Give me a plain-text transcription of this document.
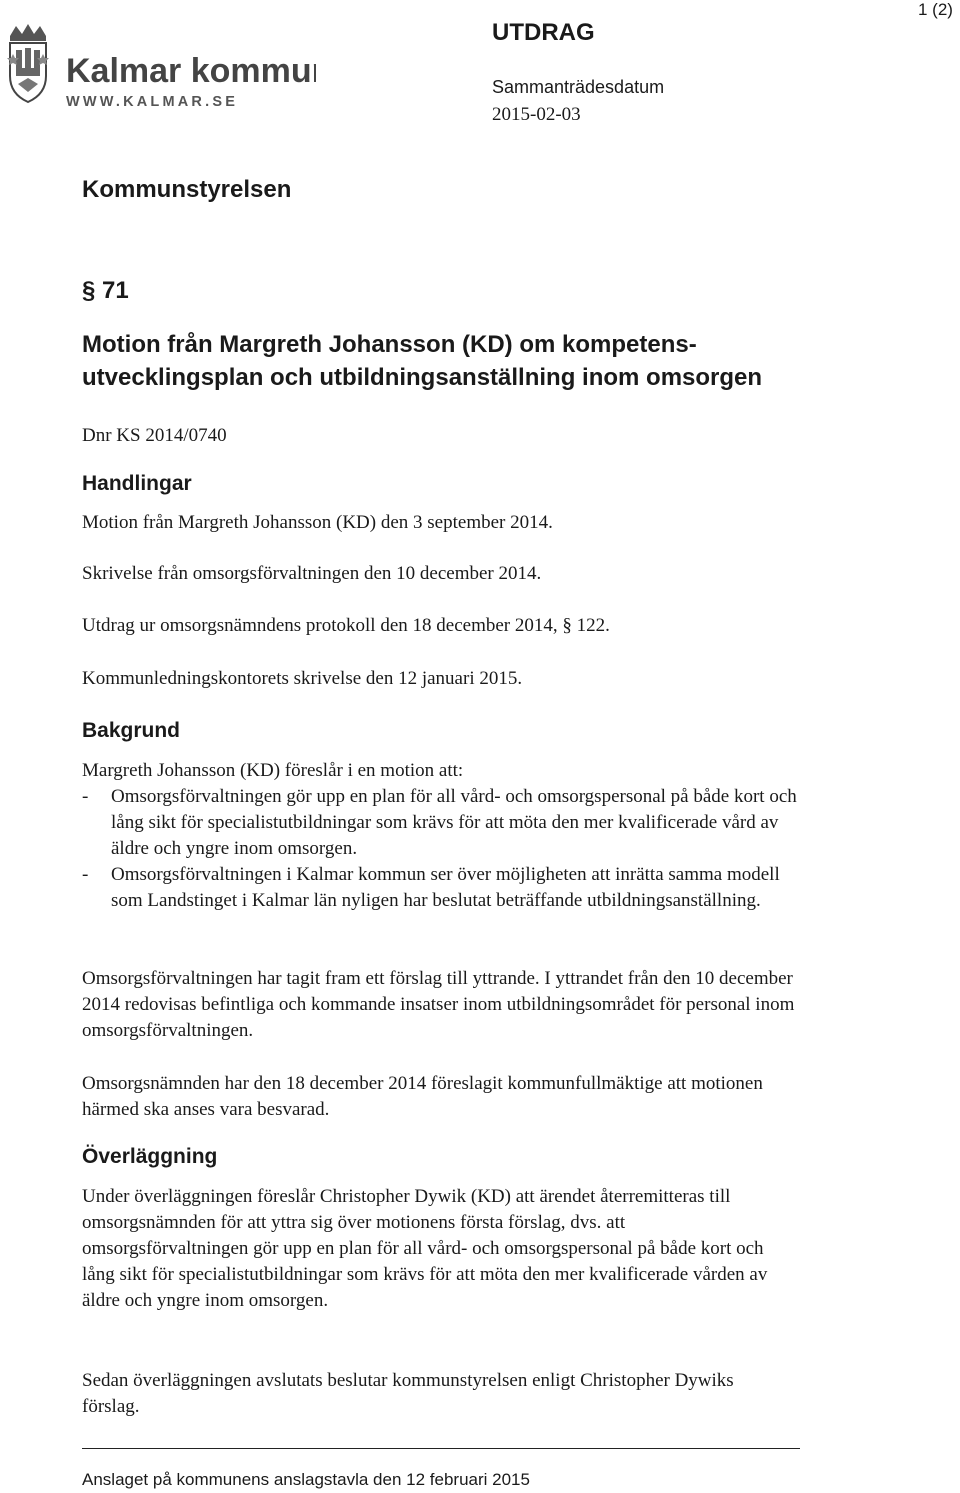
Kalmar kommun
WWW.KALMAR.SE
UTDRAG
Sammanträdesdatum
2015-02-03
1 (2)
Kommunstyrelsen
§ 71
Motion från Margreth Johansson (KD) om kompetens-utvecklingsplan och utbildningsanställning inom omsorgen
Dnr KS 2014/0740
Handlingar
Motion från Margreth Johansson (KD) den 3 september 2014.
Skrivelse från omsorgsförvaltningen den 10 december 2014.
Utdrag ur omsorgsnämndens protokoll den 18 december 2014, § 122.
Kommunledningskontorets skrivelse den 12 januari 2015.
Bakgrund

Margreth Johansson (KD) föreslår i en motion att:

- Omsorgsförvaltningen gör upp en plan för all vård- och omsorgspersonal på både kort och lång sikt för specialistutbildningar som krävs för att möta den mer kvalificerade vård av äldre och yngre inom omsorgen.
- Omsorgsförvaltningen i Kalmar kommun ser över möjligheten att inrätta samma modell som Landstinget i Kalmar län nyligen har beslutat beträffande utbildningsanställning.

Omsorgsförvaltningen har tagit fram ett förslag till yttrande. I yttrandet från den 10 december 2014 redovisas befintliga och kommande insatser inom utbildningsområdet för personal inom omsorgsförvaltningen.

Omsorgsnämnden har den 18 december 2014 föreslagit kommunfullmäktige att motionen härmed ska anses vara besvarad.

Överläggning

Under överläggningen föreslår Christopher Dywik (KD) att ärendet återremitteras till omsorgsnämnden för att yttra sig över motionens första förslag, dvs. att omsorgsförvaltningen gör upp en plan för all vård- och omsorgspersonal på både kort och lång sikt för specialistutbildningar som krävs för att möta den mer kvalificerade vården av äldre och yngre inom omsorgen.

Sedan överläggningen avslutats beslutar kommunstyrelsen enligt Christopher Dywiks förslag.

Anslaget på kommunens anslagstavla den 12 februari 2015
